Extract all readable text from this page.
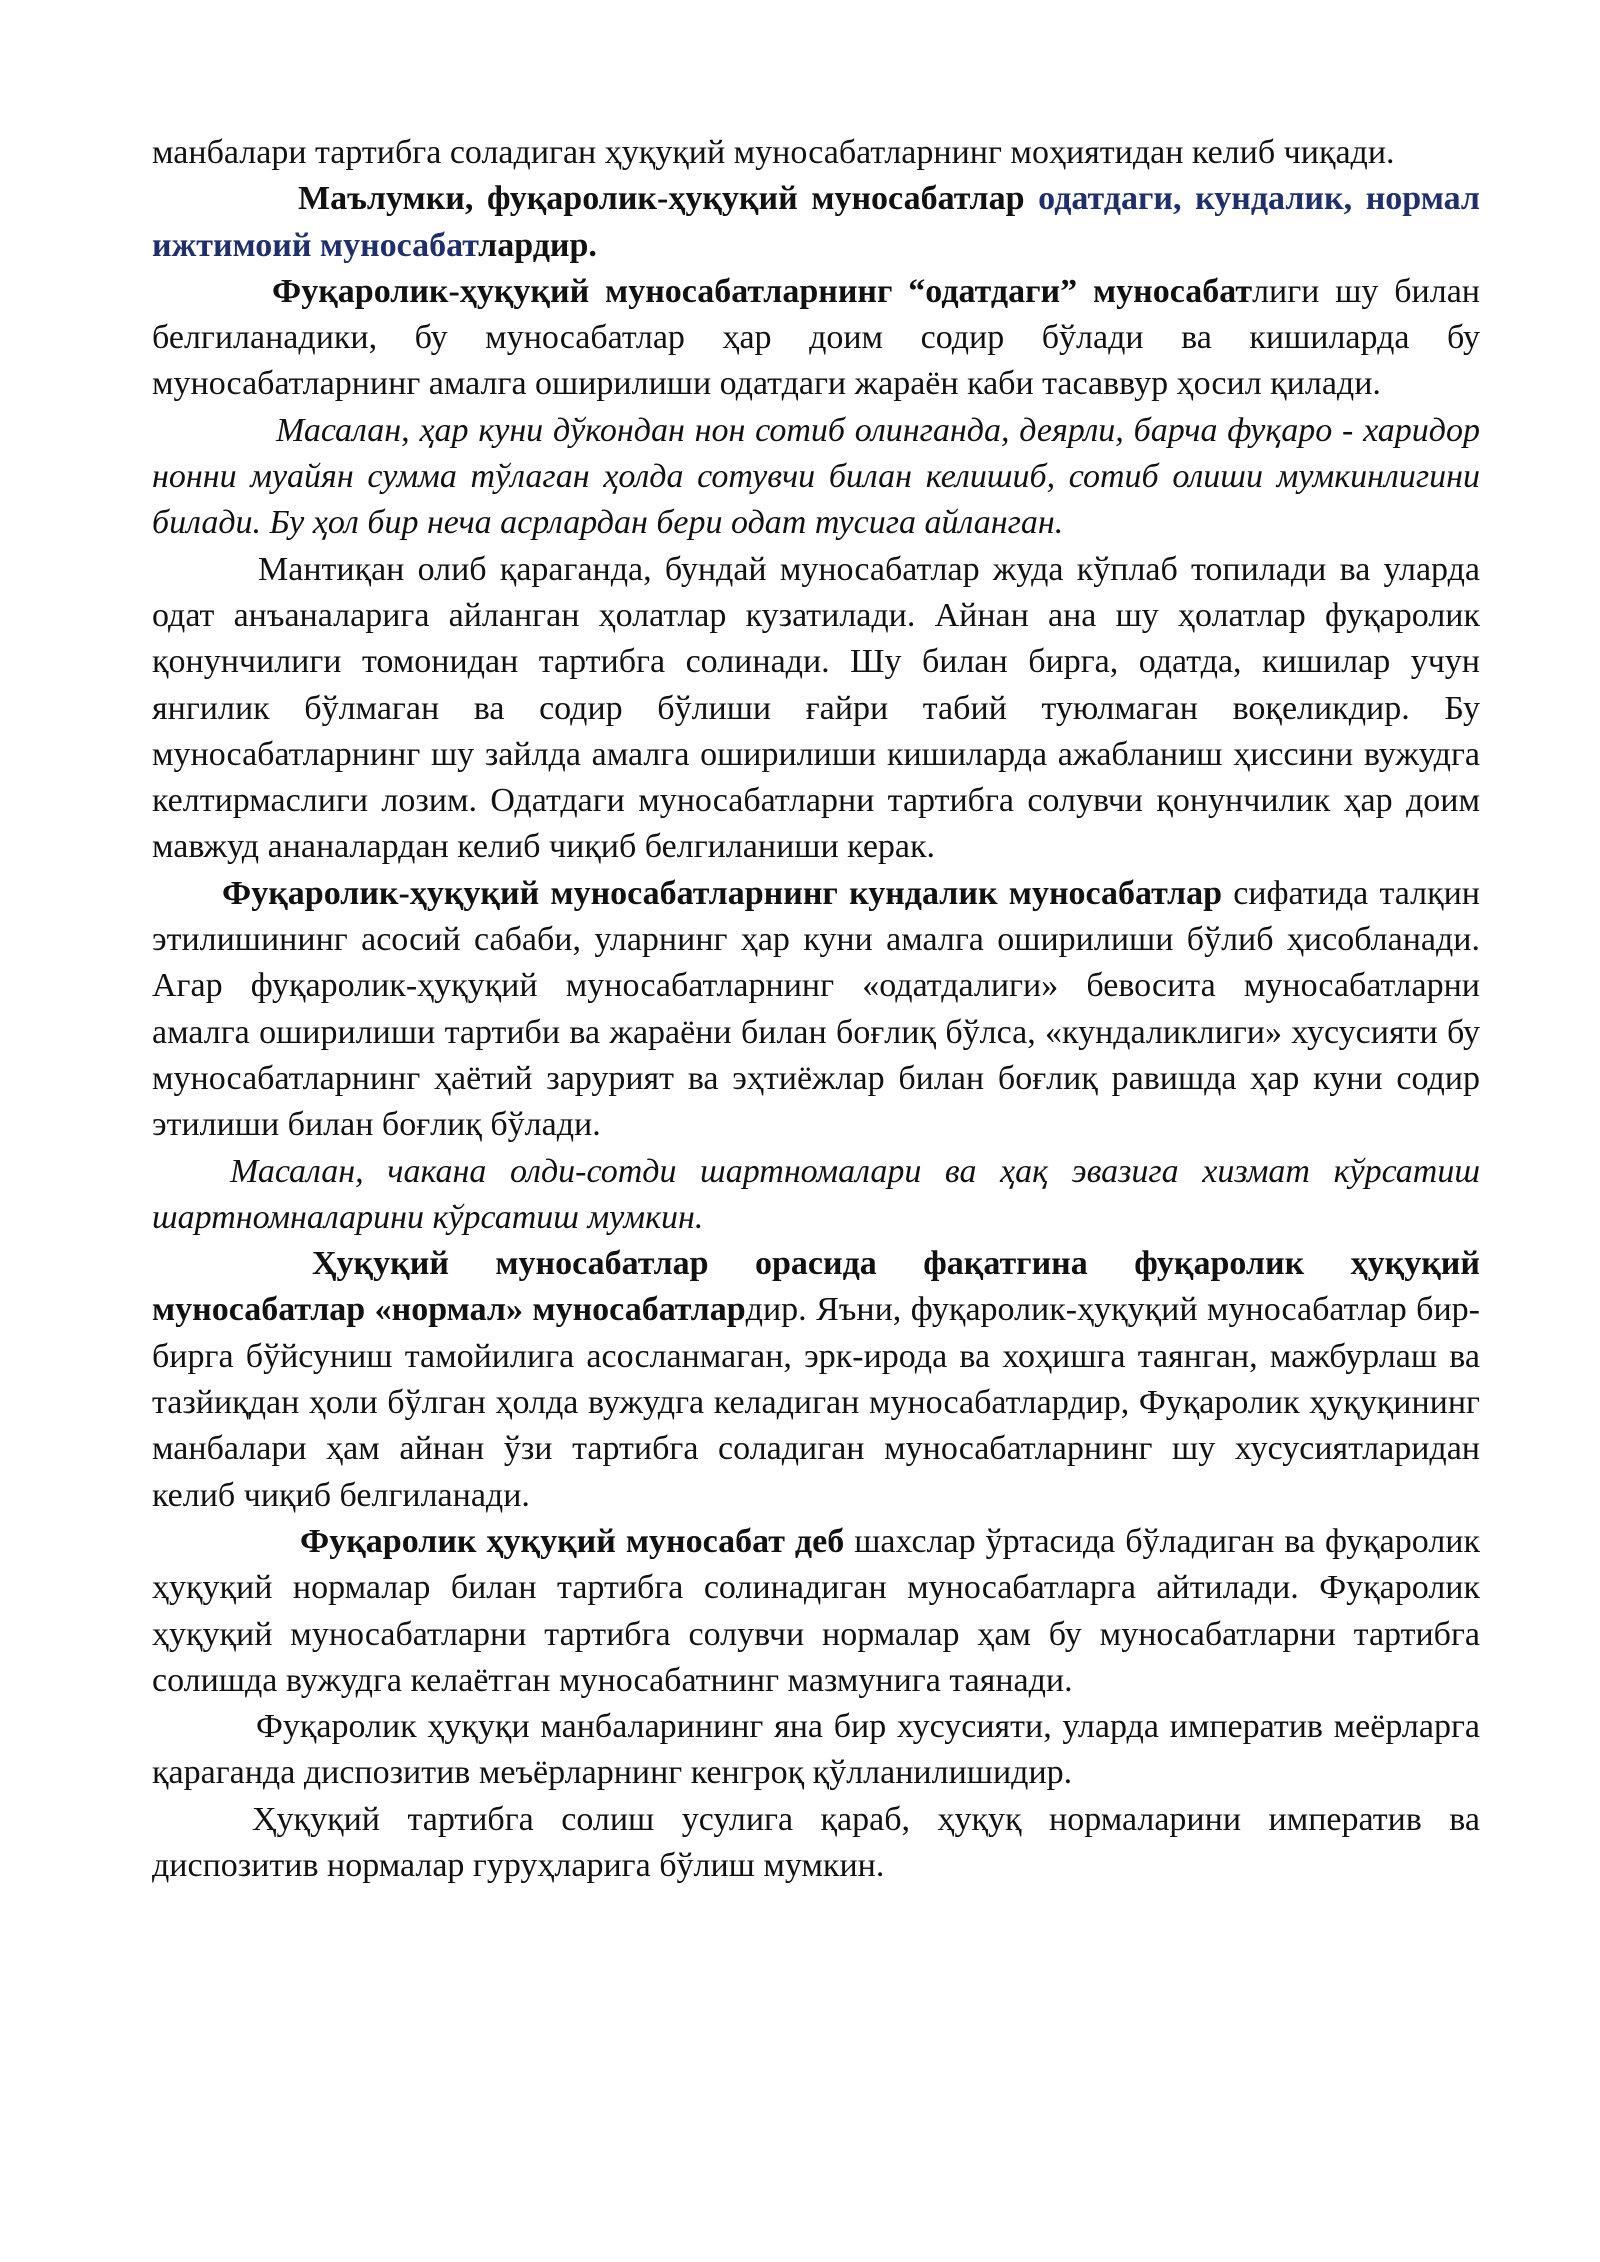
манбалари тартибга соладиган ҳуқуқий муносабатларнинг моҳиятидан келиб чиқади.

Маълумки, фуқаролик-ҳуқуқий муносабатлар одатдаги, кундалик, нормал ижтимоий муносабатлардир.

Фуқаролик-ҳуқуқий муносабатларнинг “одатдаги” муносабатлиги шу билан белгиланадики, бу муносабатлар ҳар доим содир бўлади ва кишиларда бу муносабатларнинг амалга оширилиши одатдаги жараён каби тасаввур ҳосил қилади.

Масалан, ҳар куни дўкондан нон сотиб олинганда, деярли, барча фуқаро - харидор нонни муайян сумма тўлаган ҳолда сотувчи билан келишиб, сотиб олиши мумкинлигини билади. Бу ҳол бир неча асрлардан бери одат тусига айланган.

Мантиқан олиб қараганда, бундай муносабатлар жуда кўплаб топилади ва уларда одат анъаналарига айланган ҳолатлар кузатилади. Айнан ана шу ҳолатлар фуқаролик қонунчилиги томонидан тартибга солинади. Шу билан бирга, одатда, кишилар учун янгилик бўлмаган ва содир бўлиши ғайри табий туюлмаган воқеликдир. Бу муносабатларнинг шу зайлда амалга оширилиши кишиларда ажабланиш ҳиссини вужудга келтирмаслиги лозим. Одатдаги муносабатларни тартибга солувчи қонунчилик ҳар доим мавжуд ананалардан келиб чиқиб белгиланиши керак.

Фуқаролик-ҳуқуқий муносабатларнинг кундалик муносабатлар сифатида талқин этилишининг асосий сабаби, уларнинг ҳар куни амалга оширилиши бўлиб ҳисобланади. Агар фуқаролик-ҳуқуқий муносабатларнинг «одатдалиги» бевосита муносабатларни амалга оширилиши тартиби ва жараёни билан боғлиқ бўлса, «кундаликлиги» хусусияти бу муносабатларнинг ҳаётий зарурият ва эҳтиёжлар билан боғлиқ равишда ҳар куни содир этилиши билан боғлиқ бўлади.

Масалан, чакана олди-сотди шартномалари ва ҳақ эвазига хизмат кўрсатиш шартномналарини кўрсатиш мумкин.

Ҳуқуқий муносабатлар орасида фақатгина фуқаролик ҳуқуқий муносабатлар «нормал» муносабатлардир. Яъни, фуқаролик-ҳуқуқий муносабатлар бир-бирга бўйсуниш тамойилига асосланмаган, эрк-ирода ва хоҳишга таянган, мажбурлаш ва тазйиқдан ҳоли бўлган ҳолда вужудга келадиган муносабатлардир, Фуқаролик ҳуқуқининг манбалари ҳам айнан ўзи тартибга соладиган муносабатларнинг шу хусусиятларидан келиб чиқиб белгиланади.

Фуқаролик ҳуқуқий муносабат деб шахслар ўртасида бўладиган ва фуқаролик ҳуқуқий нормалар билан тартибга солинадиган муносабатларга айтилади. Фуқаролик ҳуқуқий муносабатларни тартибга солувчи нормалар ҳам бу муносабатларни тартибга солишда вужудга келаётган муносабатнинг мазмунига таянади.

Фуқаролик ҳуқуқи манбаларининг яна бир хусусияти, уларда императив меёрларга қараганда диспозитив меъёрларнинг кенгроқ қўлланилишидир.

Ҳуқуқий тартибга солиш усулига қараб, ҳуқуқ нормаларини императив ва диспозитив нормалар гуруҳларига бўлиш мумкин.
